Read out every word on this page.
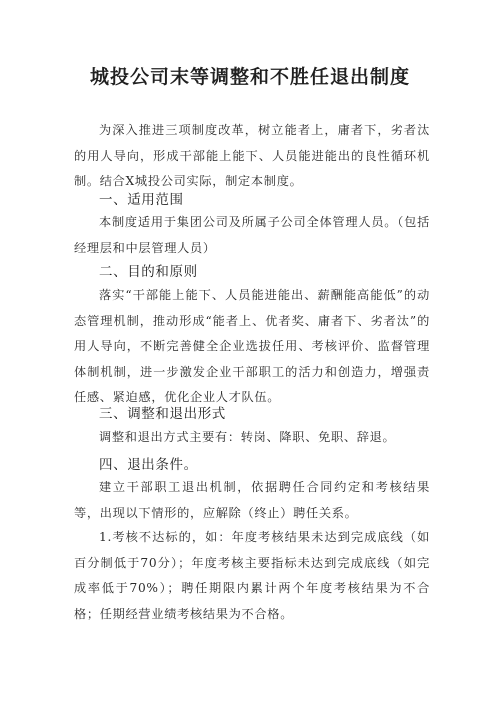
城投公司末等调整和不胜任退出制度

为深入推进三项制度改革，树立能者上，庸者下，劣者汰的用人导向，形成干部能上能下、人员能进能出的良性循环机制。结合X城投公司实际，制定本制度。

一、适用范围

本制度适用于集团公司及所属子公司全体管理人员。（包括经理层和中层管理人员）

二、目的和原则

落实“干部能上能下、人员能进能出、薪酬能高能低”的动态管理机制，推动形成“能者上、优者奖、庸者下、劣者汰”的用人导向，不断完善健全企业选拔任用、考核评价、监督管理体制机制，进一步激发企业干部职工的活力和创造力，增强责任感、紧迫感，优化企业人才队伍。

三、调整和退出形式

调整和退出方式主要有：转岗、降职、免职、辞退。

四、退出条件。

建立干部职工退出机制，依据聘任合同约定和考核结果等，出现以下情形的，应解除（终止）聘任关系。

1.考核不达标的，如：年度考核结果未达到完成底线（如百分制低于70分）；年度考核主要指标未达到完成底线（如完成率低于70%）；聘任期限内累计两个年度考核结果为不合格；任期经营业绩考核结果为不合格。
